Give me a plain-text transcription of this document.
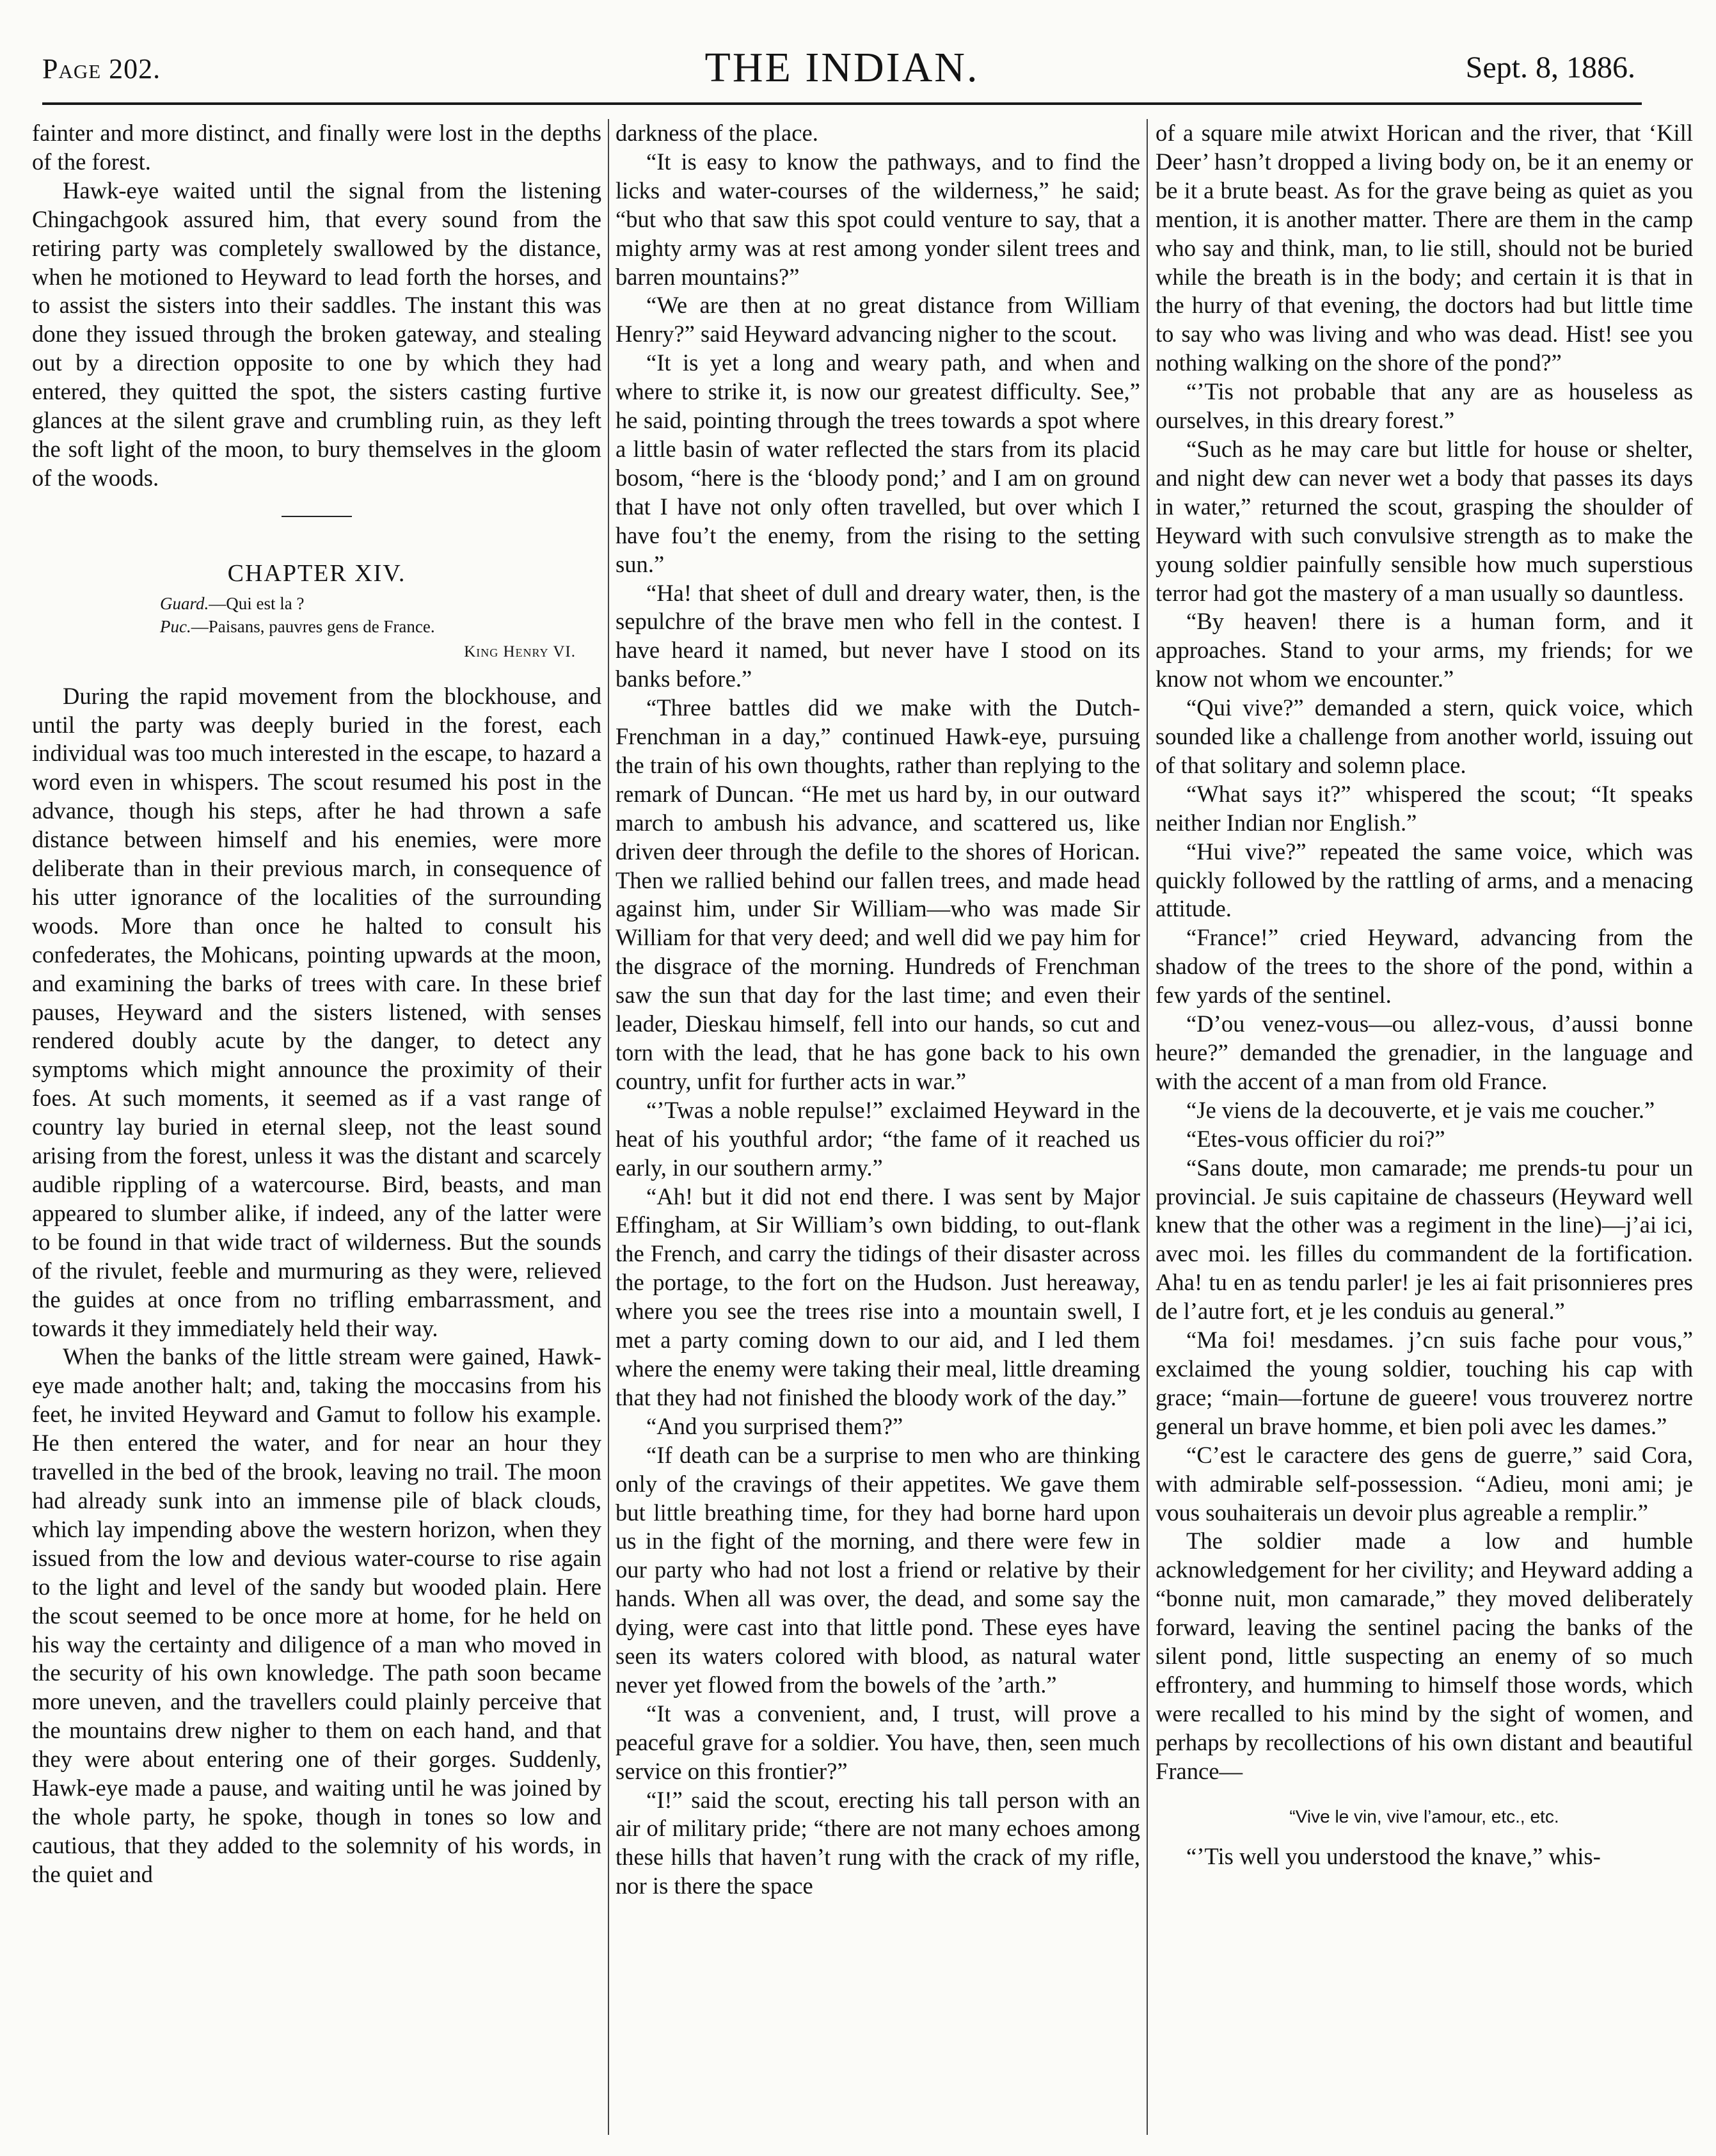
Page 202.	THE INDIAN.	Sept. 8, 1886.

fainter and more distinct, and finally were lost in the depths of the forest.

Hawk-eye waited until the signal from the listening Chingachgook assured him, that every sound from the retiring party was completely swallowed by the distance, when he motioned to Heyward to lead forth the horses, and to assist the sisters into their saddles. The instant this was done they issued through the broken gateway, and stealing out by a direction opposite to one by which they had entered, they quitted the spot, the sisters casting furtive glances at the silent grave and crumbling ruin, as they left the soft light of the moon, to bury themselves in the gloom of the woods.

CHAPTER XIV.

Guard.—Qui est la ?

Puc.—Paisans, pauvres gens de France.

King Henry VI.

During the rapid movement from the blockhouse, and until the party was deeply buried in the forest, each individual was too much interested in the escape, to hazard a word even in whispers. The scout resumed his post in the advance, though his steps, after he had thrown a safe distance between himself and his enemies, were more deliberate than in their previous march, in consequence of his utter ignorance of the localities of the surrounding woods. More than once he halted to consult his confederates, the Mohicans, pointing upwards at the moon, and examining the barks of trees with care. In these brief pauses, Heyward and the sisters listened, with senses rendered doubly acute by the danger, to detect any symptoms which might announce the proximity of their foes. At such moments, it seemed as if a vast range of country lay buried in eternal sleep, not the least sound arising from the forest, unless it was the distant and scarcely audible rippling of a watercourse. Bird, beasts, and man appeared to slumber alike, if indeed, any of the latter were to be found in that wide tract of wilderness. But the sounds of the rivulet, feeble and murmuring as they were, relieved the guides at once from no trifling embarrassment, and towards it they immediately held their way.

When the banks of the little stream were gained, Hawk-eye made another halt; and, taking the moccasins from his feet, he invited Heyward and Gamut to follow his example. He then entered the water, and for near an hour they travelled in the bed of the brook, leaving no trail. The moon had already sunk into an immense pile of black clouds, which lay impending above the western horizon, when they issued from the low and devious water-course to rise again to the light and level of the sandy but wooded plain. Here the scout seemed to be once more at home, for he held on his way the certainty and diligence of a man who moved in the security of his own knowledge. The path soon became more uneven, and the travellers could plainly perceive that the mountains drew nigher to them on each hand, and that they were about entering one of their gorges. Suddenly, Hawk-eye made a pause, and waiting until he was joined by the whole party, he spoke, though in tones so low and cautious, that they added to the solemnity of his words, in the quiet and

darkness of the place.

“It is easy to know the pathways, and to find the licks and water-courses of the wilderness,” he said; “but who that saw this spot could venture to say, that a mighty army was at rest among yonder silent trees and barren mountains?”

“We are then at no great distance from William Henry?” said Heyward advancing nigher to the scout.

“It is yet a long and weary path, and when and where to strike it, is now our greatest difficulty. See,” he said, pointing through the trees towards a spot where a little basin of water reflected the stars from its placid bosom, “here is the ‘bloody pond;’ and I am on ground that I have not only often travelled, but over which I have fou’t the enemy, from the rising to the setting sun.”

“Ha! that sheet of dull and dreary water, then, is the sepulchre of the brave men who fell in the contest. I have heard it named, but never have I stood on its banks before.”

“Three battles did we make with the Dutch-Frenchman in a day,” continued Hawk-eye, pursuing the train of his own thoughts, rather than replying to the remark of Duncan. “He met us hard by, in our outward march to ambush his advance, and scattered us, like driven deer through the defile to the shores of Horican. Then we rallied behind our fallen trees, and made head against him, under Sir William—who was made Sir William for that very deed; and well did we pay him for the disgrace of the morning. Hundreds of Frenchman saw the sun that day for the last time; and even their leader, Dieskau himself, fell into our hands, so cut and torn with the lead, that he has gone back to his own country, unfit for further acts in war.”

“’Twas a noble repulse!” exclaimed Heyward in the heat of his youthful ardor; “the fame of it reached us early, in our southern army.”

“Ah! but it did not end there. I was sent by Major Effingham, at Sir William’s own bidding, to out-flank the French, and carry the tidings of their disaster across the portage, to the fort on the Hudson. Just hereaway, where you see the trees rise into a mountain swell, I met a party coming down to our aid, and I led them where the enemy were taking their meal, little dreaming that they had not finished the bloody work of the day.”

“And you surprised them?”

“If death can be a surprise to men who are thinking only of the cravings of their appetites. We gave them but little breathing time, for they had borne hard upon us in the fight of the morning, and there were few in our party who had not lost a friend or relative by their hands. When all was over, the dead, and some say the dying, were cast into that little pond. These eyes have seen its waters colored with blood, as natural water never yet flowed from the bowels of the ’arth.”

“It was a convenient, and, I trust, will prove a peaceful grave for a soldier. You have, then, seen much service on this frontier?”

“I!” said the scout, erecting his tall person with an air of military pride; “there are not many echoes among these hills that haven’t rung with the crack of my rifle, nor is there the space

of a square mile atwixt Horican and the river, that ‘Kill Deer’ hasn’t dropped a living body on, be it an enemy or be it a brute beast. As for the grave being as quiet as you mention, it is another matter. There are them in the camp who say and think, man, to lie still, should not be buried while the breath is in the body; and certain it is that in the hurry of that evening, the doctors had but little time to say who was living and who was dead. Hist! see you nothing walking on the shore of the pond?”

“’Tis not probable that any are as houseless as ourselves, in this dreary forest.”

“Such as he may care but little for house or shelter, and night dew can never wet a body that passes its days in water,” returned the scout, grasping the shoulder of Heyward with such convulsive strength as to make the young soldier painfully sensible how much superstious terror had got the mastery of a man usually so dauntless.

“By heaven! there is a human form, and it approaches. Stand to your arms, my friends; for we know not whom we encounter.”

“Qui vive?” demanded a stern, quick voice, which sounded like a challenge from another world, issuing out of that solitary and solemn place.

“What says it?” whispered the scout; “It speaks neither Indian nor English.”

“Hui vive?” repeated the same voice, which was quickly followed by the rattling of arms, and a menacing attitude.

“France!” cried Heyward, advancing from the shadow of the trees to the shore of the pond, within a few yards of the sentinel.

“D’ou venez-vous—ou allez-vous, d’aussi bonne heure?” demanded the grenadier, in the language and with the accent of a man from old France.

“Je viens de la decouverte, et je vais me coucher.”

“Etes-vous officier du roi?”

“Sans doute, mon camarade; me prends-tu pour un provincial. Je suis capitaine de chasseurs (Heyward well knew that the other was a regiment in the line)—j’ai ici, avec moi. les filles du commandent de la fortification. Aha! tu en as tendu parler! je les ai fait prisonnieres pres de l’autre fort, et je les conduis au general.”

“Ma foi! mesdames. j’cn suis fache pour vous,” exclaimed the young soldier, touching his cap with grace; “main—fortune de gueere! vous trouverez nortre general un brave homme, et bien poli avec les dames.”

“C’est le caractere des gens de guerre,” said Cora, with admirable self-possession. “Adieu, moni ami; je vous souhaiterais un devoir plus agreable a remplir.”

The soldier made a low and humble acknowledgement for her civility; and Heyward adding a “bonne nuit, mon camarade,” they moved deliberately forward, leaving the sentinel pacing the banks of the silent pond, little suspecting an enemy of so much effrontery, and humming to himself those words, which were recalled to his mind by the sight of women, and perhaps by recollections of his own distant and beautiful France—

“Vive le vin, vive l’amour, etc., etc.

“’Tis well you understood the knave,” whis-
